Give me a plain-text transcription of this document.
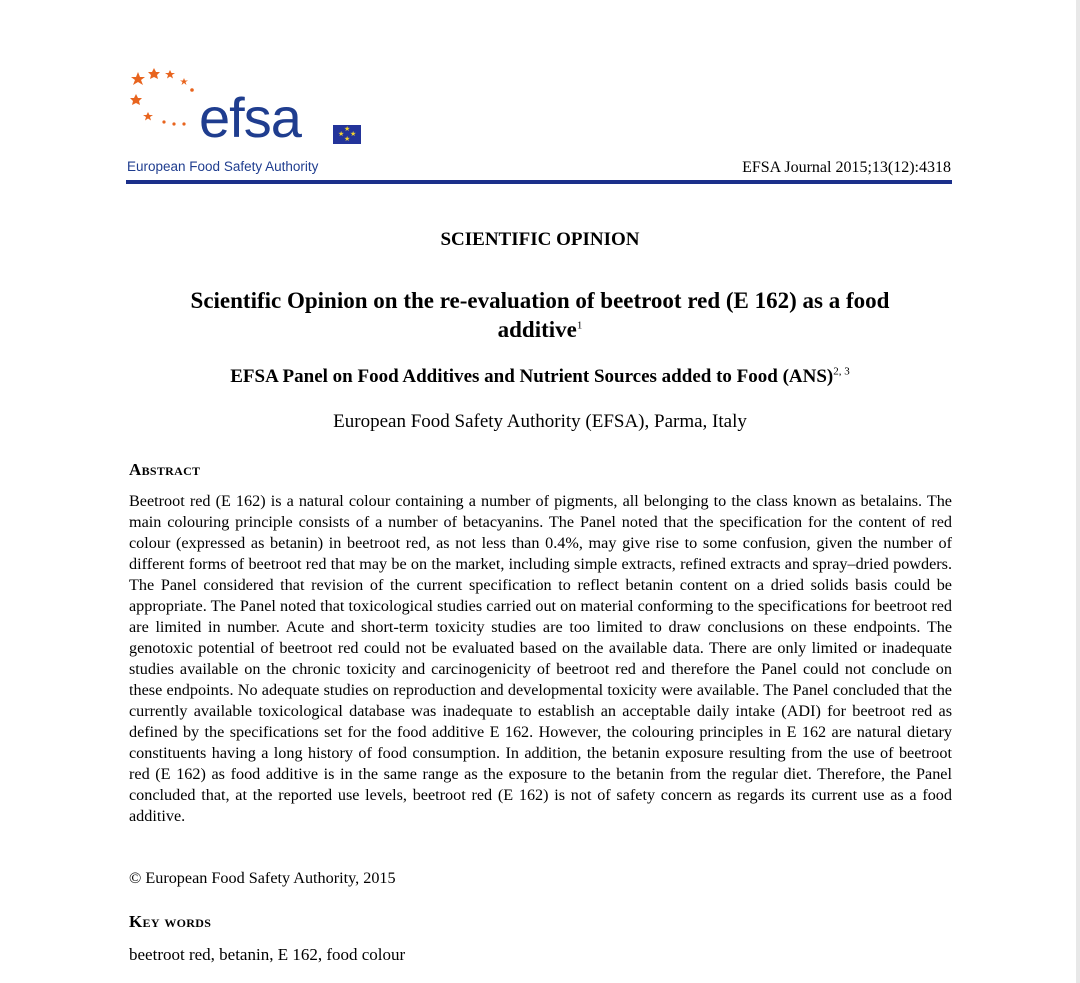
efsa	★
★ ★
★
European Food Safety Authority	EFSA Journal 2015;13(12):4318
SCIENTIFIC OPINION
Scientific Opinion on the re-evaluation of beetroot red (E 162) as a food
additive$^1$
EFSA Panel on Food Additives and Nutrient Sources added to Food (ANS)$^{2, 3}$
European Food Safety Authority (EFSA), Parma, Italy
Abstract
Beetroot red (E 162) is a natural colour containing a number of pigments, all belonging to the class known as betalains. The main colouring principle consists of a number of betacyanins. The Panel noted that the specification for the content of red colour (expressed as betanin) in beetroot red, as not less than 0.4%, may give rise to some confusion, given the number of different forms of beetroot red that may be on the market, including simple extracts, refined extracts and spray–dried powders. The Panel considered that revision of the current specification to reflect betanin content on a dried solids basis could be appropriate. The Panel noted that toxicological studies carried out on material conforming to the specifications for beetroot red are limited in number. Acute and short-term toxicity studies are too limited to draw conclusions on these endpoints. The genotoxic potential of beetroot red could not be evaluated based on the available data. There are only limited or inadequate studies available on the chronic toxicity and carcinogenicity of beetroot red and therefore the Panel could not conclude on these endpoints. No adequate studies on reproduction and developmental toxicity were available. The Panel concluded that the currently available toxicological database was inadequate to establish an acceptable daily intake (ADI) for beetroot red as defined by the specifications set for the food additive E 162. However, the colouring principles in E 162 are natural dietary constituents having a long history of food consumption. In addition, the betanin exposure resulting from the use of beetroot red (E 162) as food additive is in the same range as the exposure to the betanin from the regular diet. Therefore, the Panel concluded that, at the reported use levels, beetroot red (E 162) is not of safety concern as regards its current use as a food additive.
© European Food Safety Authority, 2015
Key words
beetroot red, betanin, E 162, food colour
